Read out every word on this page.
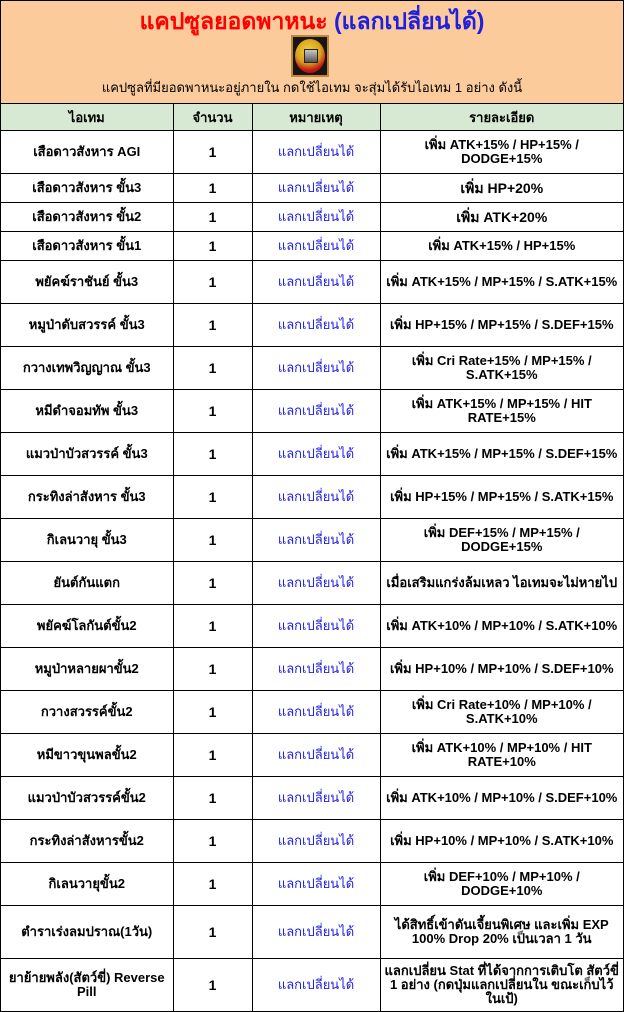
แคปซูลยอดพาหนะ (แลกเปลี่ยนได้)
แคปซูลที่มียอดพาหนะอยู่ภายใน กดใช้ไอเทม จะสุ่มได้รับไอเทม 1 อย่าง ดังนี้
ไอเทม	จำนวน	หมายเหตุ	รายละเอียด
เสือดาวสังหาร AGI	1	แลกเปลี่ยนได้	เพิ่ม ATK+15% / HP+15% / DODGE+15%
เสือดาวสังหาร ขั้น3	1	แลกเปลี่ยนได้	เพิ่ม HP+20%
เสือดาวสังหาร ขั้น2	1	แลกเปลี่ยนได้	เพิ่ม ATK+20%
เสือดาวสังหาร ขั้น1	1	แลกเปลี่ยนได้	เพิ่ม ATK+15% / HP+15%
พยัคฆ์ราชันย์ ขั้น3	1	แลกเปลี่ยนได้	เพิ่ม ATK+15% / MP+15% / S.ATK+15%
หมูป่าดับสวรรค์ ขั้น3	1	แลกเปลี่ยนได้	เพิ่ม HP+15% / MP+15% / S.DEF+15%
กวางเทพวิญญาณ ขั้น3	1	แลกเปลี่ยนได้	เพิ่ม Cri Rate+15% / MP+15% / S.ATK+15%
หมีดำจอมทัพ ขั้น3	1	แลกเปลี่ยนได้	เพิ่ม ATK+15% / MP+15% / HIT RATE+15%
แมวป่าบัวสวรรค์ ขั้น3	1	แลกเปลี่ยนได้	เพิ่ม ATK+15% / MP+15% / S.DEF+15%
กระทิงล่าสังหาร ขั้น3	1	แลกเปลี่ยนได้	เพิ่ม HP+15% / MP+15% / S.ATK+15%
กิเลนวายุ ขั้น3	1	แลกเปลี่ยนได้	เพิ่ม DEF+15% / MP+15% / DODGE+15%
ยันต์กันแตก	1	แลกเปลี่ยนได้	เมื่อเสริมแกร่งล้มเหลว ไอเทมจะไม่หายไป
พยัคฆ์โลกันต์ขั้น2	1	แลกเปลี่ยนได้	เพิ่ม ATK+10% / MP+10% / S.ATK+10%
หมูป่าหลายผาขั้น2	1	แลกเปลี่ยนได้	เพิ่ม HP+10% / MP+10% / S.DEF+10%
กวางสวรรค์ขั้น2	1	แลกเปลี่ยนได้	เพิ่ม Cri Rate+10% / MP+10% / S.ATK+10%
หมีขาวขุนพลขั้น2	1	แลกเปลี่ยนได้	เพิ่ม ATK+10% / MP+10% / HIT RATE+10%
แมวป่าบัวสวรรค์ขั้น2	1	แลกเปลี่ยนได้	เพิ่ม ATK+10% / MP+10% / S.DEF+10%
กระทิงล่าสังหารขั้น2	1	แลกเปลี่ยนได้	เพิ่ม HP+10% / MP+10% / S.ATK+10%
กิเลนวายุขั้น2	1	แลกเปลี่ยนได้	เพิ่ม DEF+10% / MP+10% / DODGE+10%
ตำราเร่งลมปราณ(1วัน)	1	แลกเปลี่ยนได้	ได้สิทธิ์เข้าดันเจี้ยนพิเศษ และเพิ่ม EXP 100% Drop 20% เป็นเวลา 1 วัน
ยาย้ายพลัง(สัตว์ขี่) Reverse Pill	1	แลกเปลี่ยนได้	แลกเปลี่ยน Stat ที่ได้จากการเติบโต สัตว์ขี่ 1 อย่าง (กดปุ่มแลกเปลี่ยนใน ขณะเก็บไว้ในเป้)
